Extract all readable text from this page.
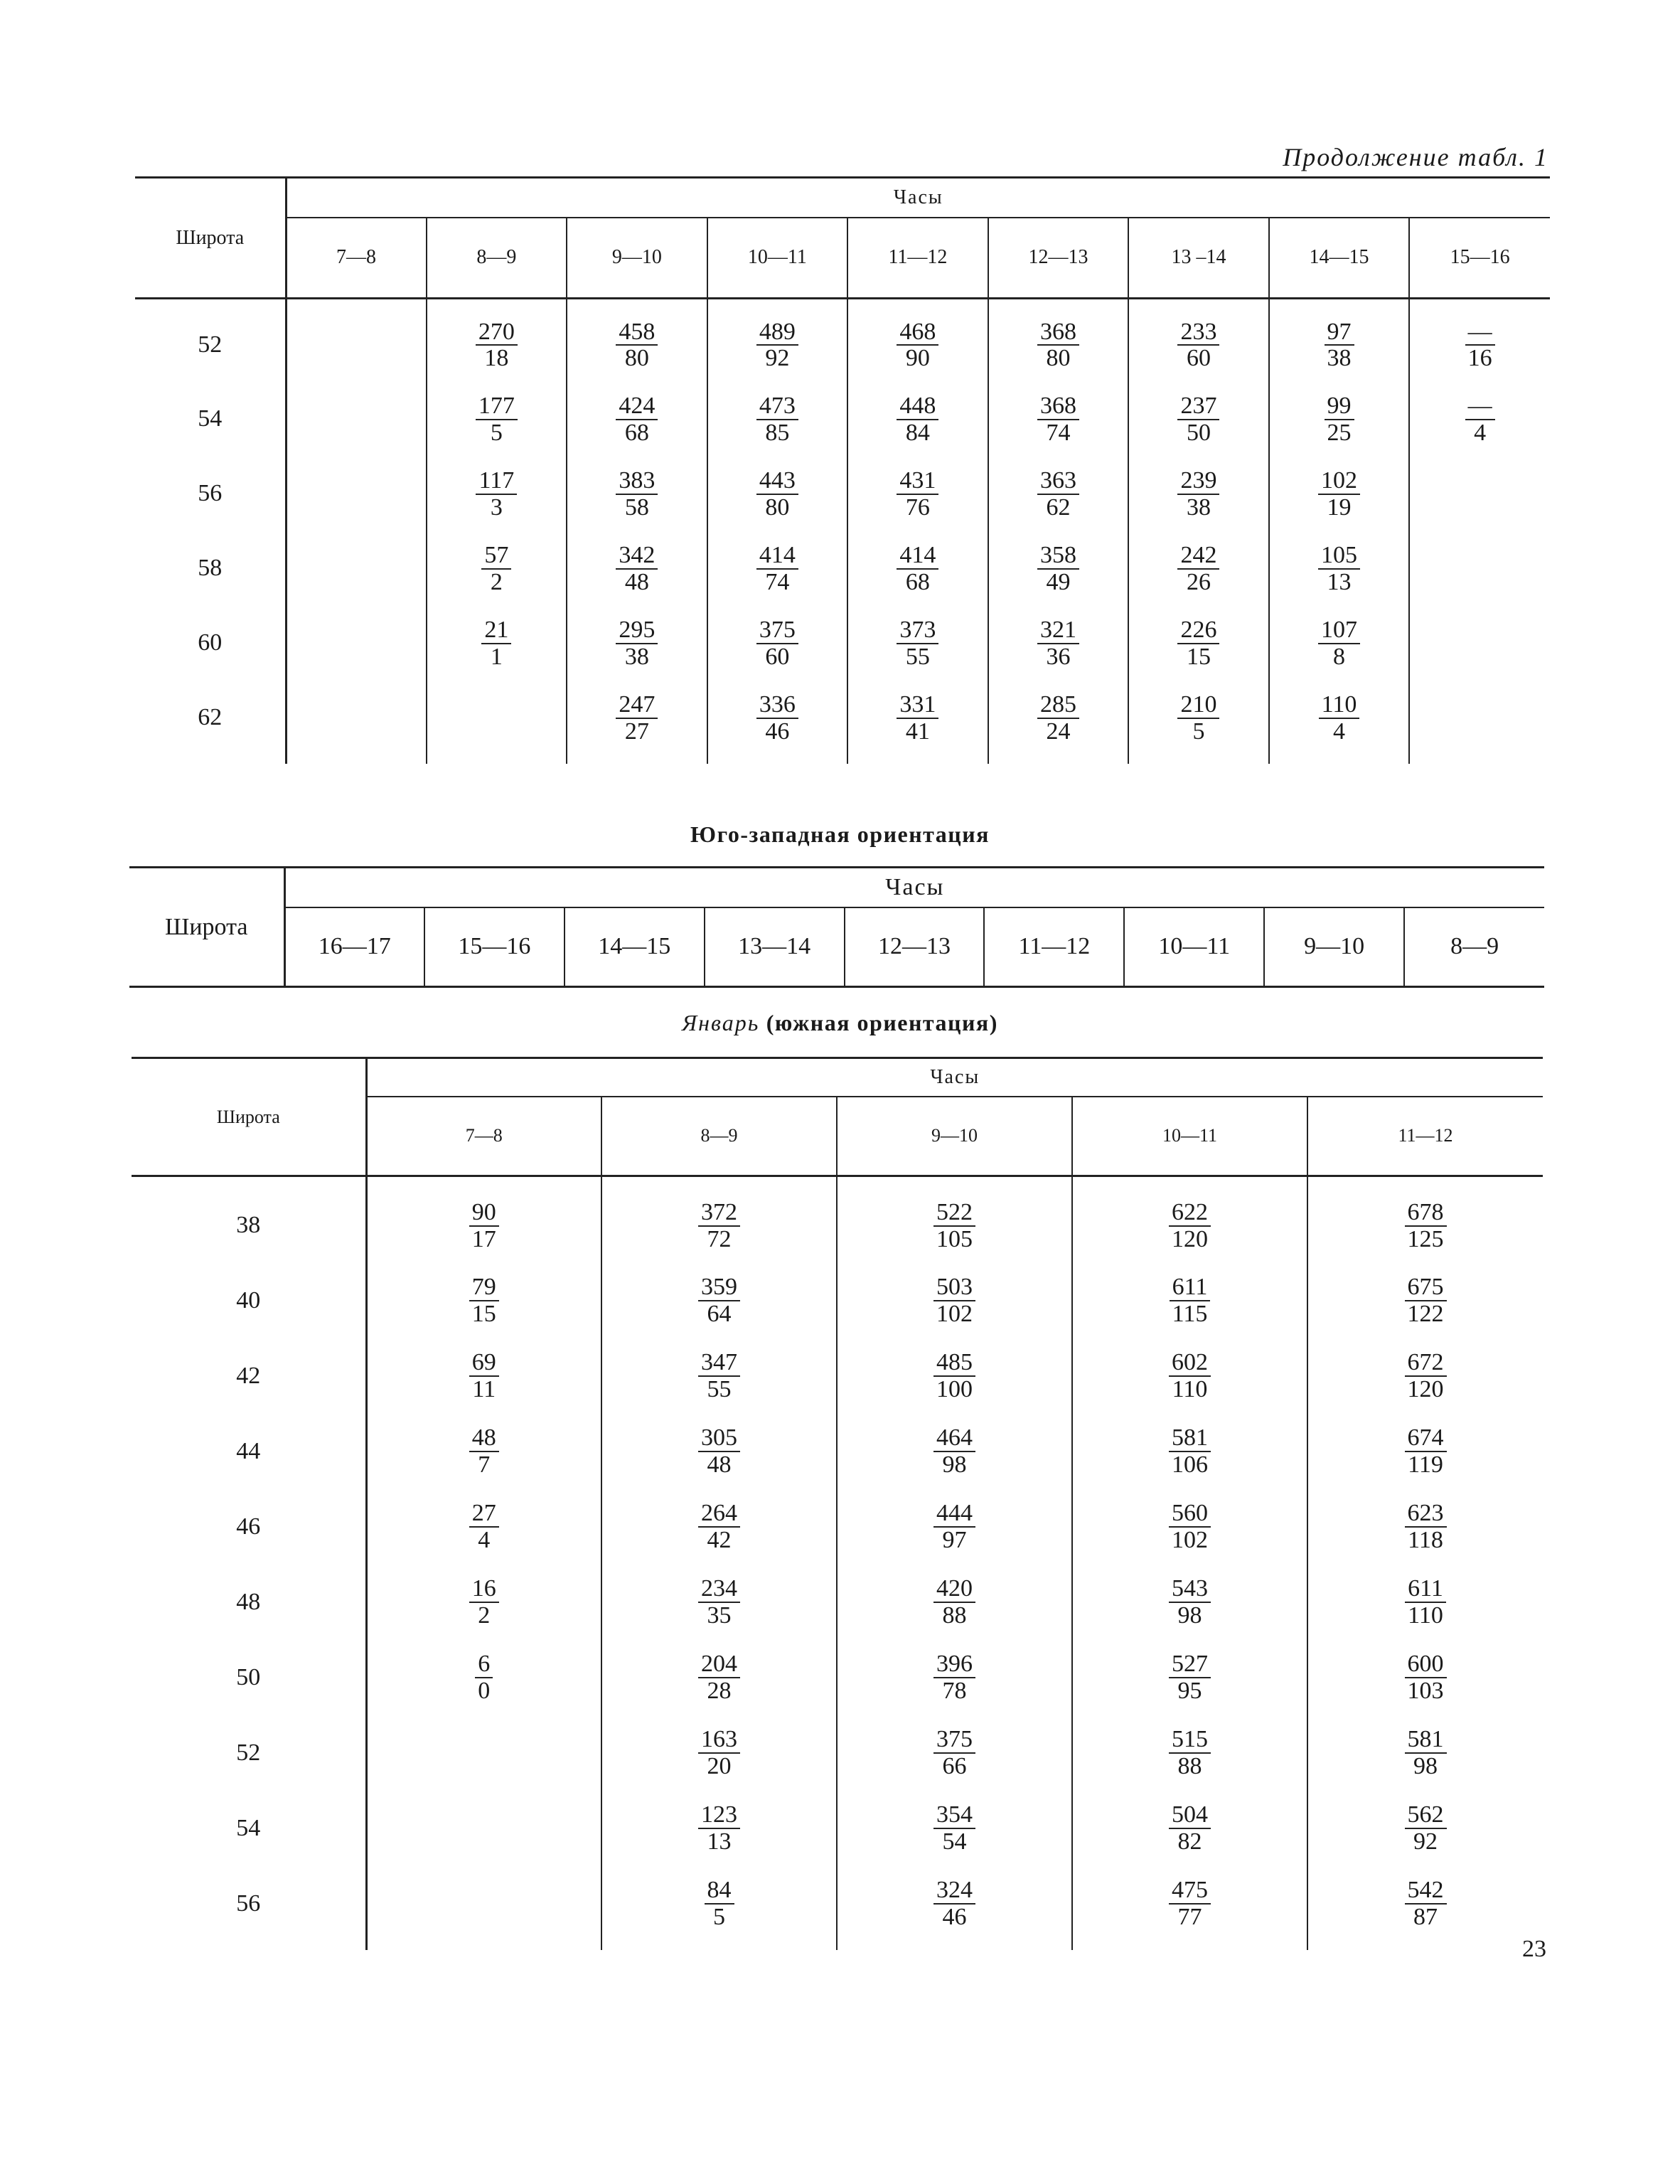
Продолжение табл. 1
Широта	Часы								
	7—8	8—9	9—10	10—11	11—12	12—13	13 –14	14—15	15—16
52		$\frac{270}{18}$	$\frac{458}{80}$	$\frac{489}{92}$	$\frac{468}{90}$	$\frac{368}{80}$	$\frac{233}{60}$	$\frac{97}{38}$	$\frac{—}{16}$

54		$\frac{177}{5}$	$\frac{424}{68}$	$\frac{473}{85}$	$\frac{448}{84}$	$\frac{368}{74}$	$\frac{237}{50}$	$\frac{99}{25}$	$\frac{—}{4}$

56		$\frac{117}{3}$	$\frac{383}{58}$	$\frac{443}{80}$	$\frac{431}{76}$	$\frac{363}{62}$	$\frac{239}{38}$	$\frac{102}{19}$

58		$\frac{57}{2}$	$\frac{342}{48}$	$\frac{414}{74}$	$\frac{414}{68}$	$\frac{358}{49}$	$\frac{242}{26}$	$\frac{105}{13}$

60		$\frac{21}{1}$	$\frac{295}{38}$	$\frac{375}{60}$	$\frac{373}{55}$	$\frac{321}{36}$	$\frac{226}{15}$	$\frac{107}{8}$

62			$\frac{247}{27}$	$\frac{336}{46}$	$\frac{331}{41}$	$\frac{285}{24}$	$\frac{210}{5}$	$\frac{110}{4}$

Юго-западная ориентация
Широта	Часы								
	16—17	15—16	14—15	13—14	12—13	11—12	10—11	9—10	8—9
Январь (южная ориентация)
Широта	Часы				
	7—8	8—9	9—10	10—11	11—12
38	$\frac{90}{17}$	$\frac{372}{72}$	$\frac{522}{105}$	$\frac{622}{120}$	$\frac{678}{125}$

40	$\frac{79}{15}$	$\frac{359}{64}$	$\frac{503}{102}$	$\frac{611}{115}$	$\frac{675}{122}$

42	$\frac{69}{11}$	$\frac{347}{55}$	$\frac{485}{100}$	$\frac{602}{110}$	$\frac{672}{120}$

44	$\frac{48}{7}$	$\frac{305}{48}$	$\frac{464}{98}$	$\frac{581}{106}$	$\frac{674}{119}$

46	$\frac{27}{4}$	$\frac{264}{42}$	$\frac{444}{97}$	$\frac{560}{102}$	$\frac{623}{118}$

48	$\frac{16}{2}$	$\frac{234}{35}$	$\frac{420}{88}$	$\frac{543}{98}$	$\frac{611}{110}$

50	$\frac{6}{0}$	$\frac{204}{28}$	$\frac{396}{78}$	$\frac{527}{95}$	$\frac{600}{103}$

52		$\frac{163}{20}$	$\frac{375}{66}$	$\frac{515}{88}$	$\frac{581}{98}$

54		$\frac{123}{13}$	$\frac{354}{54}$	$\frac{504}{82}$	$\frac{562}{92}$

56		$\frac{84}{5}$	$\frac{324}{46}$	$\frac{475}{77}$	$\frac{542}{87}$
23
